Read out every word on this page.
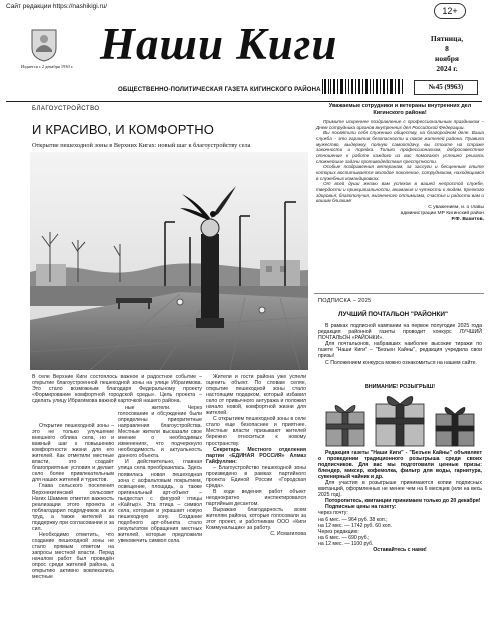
Сайт редакции https://nashikigi.ru/	12+
Издается с 2 декабря 1930 г. Наши Киги
ОБЩЕСТВЕННО-ПОЛИТИЧЕСКАЯ ГАЗЕТА КИГИНСКОГО РАЙОНА
Пятница,
8
ноября
2024 г.
№45 (9963)
БЛАГОУСТРОЙСТВО
И КРАСИВО, И КОМФОРТНО
Открытие пешеходной зоны в Верхних Кигах: новый шаг к благоустройству села
В селе Верхние Киги состоялось важное и радостное событие – открытие благоустроенной пешеходной зоны на улице Ибрагимова. Это стало возможным благодаря Федеральному проекту «Формирование комфортной городской среды». Цель проекта – сделать улицу Ибрагимова важной карточкой нашего района.

Открытие пешеходной зоны – это не только улучшение внешнего облика села, но и важный шаг к повышению комфортности жизни для его жителей. Как отметили местные власти, это создаёт благоприятные условия и делает село более привлекательным для наших жителей и туристов.

Глава сельского поселения Верхнекигинский сельсовет Нагих Шамиев отметил важность реализации этого проекта и поблагодарил подрядчиков за их труд, а также жителей за поддержку при согласовании и за сил.

Необходимо отметить, что создание пешеходной зоны не стало прямым ответом на запросы местной власти. Перед началом работ был проведён опрос среди жителей района, а открытию активно вовлекались местные

ные жители. Через голосование и обсуждение были определены приоритетные направления благоустройства. Местные жители высказали свое мнение о необходимых изменениях, что подчеркнуло необходимость и актуальность данного объекта.

И действительно, главная улица села преобразилась. Здесь появилась новая пешеходная зона с асфальтовым покрытием, освещение, площадь, а также оригинальный арт-объект – пьедестал с фигурой птицы «Кайгыр». Эта птица – символ села, которым и украшает новую пешеходную зону. Создание подобного арт-объекта стало результатом обращения местных жителей, которые предложили увековечить символ села.

Жители и гости района уже успели оценить объект. По словам селян, открытие пешеходной зоны стало настоящим подарком, который избавил село от привычного антуража и положил начало новой, комфортной жизни для жителей.

С открытием пешеходной зоны в селе стало еще безопаснее и приятнее. Местные власти призывают жителей бережно относиться к новому пространству.

Секретарь Местного отделения партии «ЕДИНАЯ РОССИЯ» Алмаз Гайфуллин:

– Благоустройство пешеходной зоны произведено в рамках партийного проекта Единой России «Городская среда».

В ходе ведения работ объект неоднократно инспектировался партийным десантом.

Выражаю благодарность всем жителям района, которые голосовали за этот проект, и работникам ООО «Киги Коммунальщик» за работу.

С. Исмагилова

Уважаемые сотрудники и ветераны внутренних дел Кигинского района!

Примите искреннее поздравление с профессиональным праздником – Днем сотрудника органов внутренних дел Российской Федерации.

Вы посвятили себя служению обществу, на благородном деле. Ваша служба – это гарантия безопасности и покоя жителей района. Правила мужество, выдержку, полную самоотдачу, вы стоите на страже законности и порядка. Только профессионализм, добросовестное отношение к работе каждого из вас помогают успешно решать сложнейшие задачи противодействия преступности.

Особые поздравления ветеранам, за заслуги и бесценным опыте которых воспитывается молодое поколение, сотрудникам, находящимся в служебных командировках.

От всей души желаю вам успехов в вашей непростой службе, твердости и принципиальности, внимания и чуткости к людям. Крепкого здоровья, благополучия, жизненного оптимизма, счастья и радости вам и вашим близким!

С уважением, и. о главы
администрации МР Кигинский район
Р.Ф. Вахитов.
ПОДПИСКА – 2025
ЛУЧШИЙ ПОЧТАЛЬОН "РАЙОНКИ"

В рамках подписной кампании на первое полугодие 2025 года редакция районной газеты проводит конкурс ЛУЧШИЙ ПОЧТАЛЬОН «РАЙОНКИ».

Для почтальонов, набравших наиболее высокие тиражи по газете "Наши Киги" – "Безъен Кайны", редакция учредила свои призы!

С Положением конкурса можно ознакомиться на нашем сайте.

ВНИМАНИЕ! РОЗЫГРЫШ!

Редакция газеты "Наши Киги" - "Безъен Кайны" объявляет о проведении традиционного розыгрыша среди своих подписчиков. Для вас мы подготовили ценные призы: блендер, миксер, кофемолка, фильтр для воды, гарнитура, сувенирный чайник и др.

Для участия в розыгрыше принимаются копии подписных квитанций, оформленных не менее чем на 6 месяцев (или на весь 2025 год).

Поторопитесь, квитанции принимаем только до 20 декабря!

Подписные цены на газету:

через почту:

на 6 мес. — 964 руб. 38 коп.;

на 12 мес. — 1742 руб. 60 коп.

Через редакцию:

на 6 мес. — 690 руб.;

на 12 мес. — 1100 руб.

Оставайтесь с нами!
